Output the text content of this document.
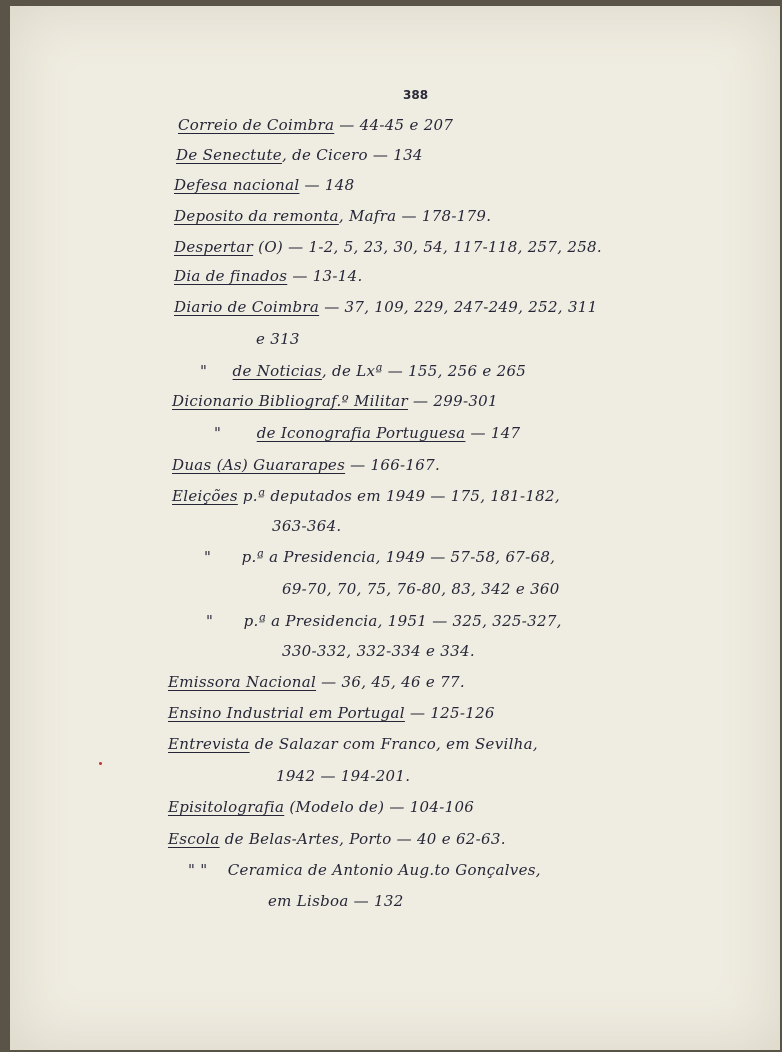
388
Correio de Coimbra — 44-45 e 207
De Senectute, de Cicero — 134
Defesa nacional — 148
Deposito da remonta, Mafra — 178-179.
Despertar (O) — 1-2, 5, 23, 30, 54, 117-118, 257, 258.
Dia de finados — 13-14.
Diario de Coimbra — 37, 109, 229, 247-249, 252, 311
e 313
" de Noticias, de Lxª — 155, 256 e 265
Dicionario Bibliograf.º Militar — 299-301
" de Iconografia Portuguesa — 147
Duas (As) Guararapes — 166-167.
Eleições p.ª deputados em 1949 — 175, 181-182,
363-364.
" p.ª a Presidencia, 1949 — 57-58, 67-68,
69-70, 70, 75, 76-80, 83, 342 e 360
" p.ª a Presidencia, 1951 — 325, 325-327,
330-332, 332-334 e 334.
Emissora Nacional — 36, 45, 46 e 77.
Ensino Industrial em Portugal — 125-126
Entrevista de Salazar com Franco, em Sevilha,
1942 — 194-201.
Episitolografia (Modelo de) — 104-106
Escola de Belas-Artes, Porto — 40 e 62-63.
" " Ceramica de Antonio Aug.to Gonçalves,
em Lisboa — 132
